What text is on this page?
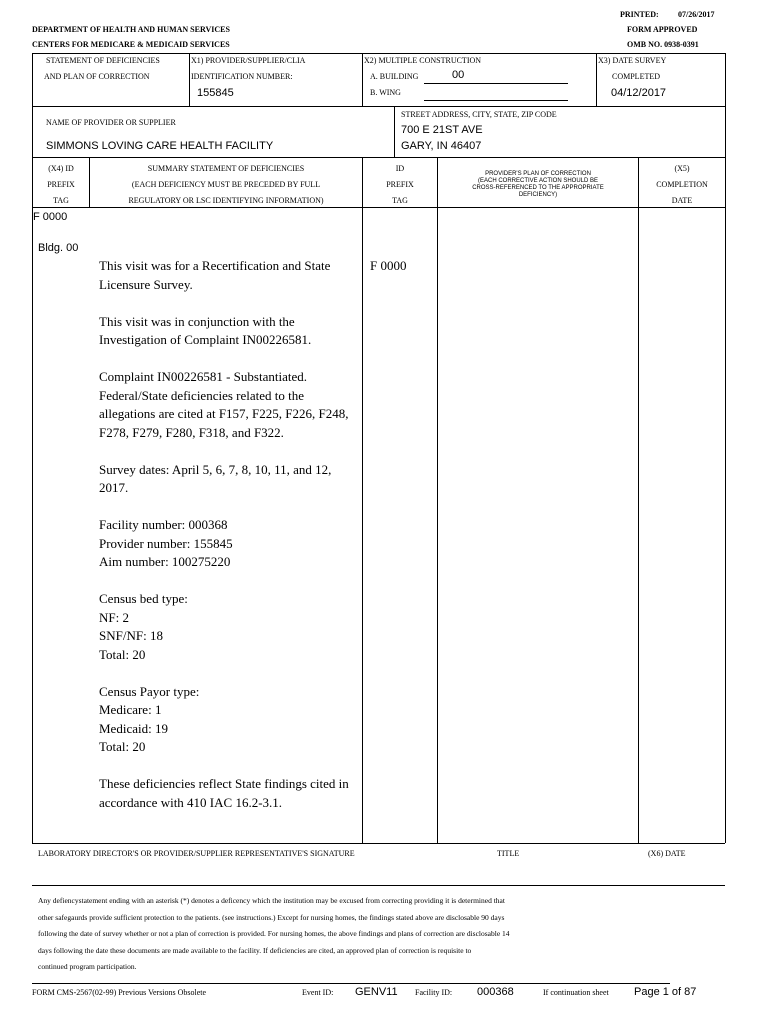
PRINTED: 07/26/2017
FORM APPROVED
OMB NO. 0938-0391
DEPARTMENT OF HEALTH AND HUMAN SERVICES
CENTERS FOR MEDICARE & MEDICAID SERVICES
STATEMENT OF DEFICIENCIES
AND PLAN OF CORRECTION
X1) PROVIDER/SUPPLIER/CLIA
IDENTIFICATION NUMBER:
155845
X2) MULTIPLE CONSTRUCTION
A. BUILDING	00
B. WING
X3) DATE SURVEY
COMPLETED
04/12/2017
NAME OF PROVIDER OR SUPPLIER
SIMMONS LOVING CARE HEALTH FACILITY
STREET ADDRESS, CITY, STATE, ZIP CODE
700 E 21ST AVE
GARY, IN 46407
(X4) ID
PREFIX
TAG
SUMMARY STATEMENT OF DEFICIENCIES
(EACH DEFICIENCY MUST BE PRECEDED BY FULL
REGULATORY OR LSC IDENTIFYING INFORMATION)
ID
PREFIX
TAG
PROVIDER'S PLAN OF CORRECTION
(EACH CORRECTIVE ACTION SHOULD BE
CROSS-REFERENCED TO THE APPROPRIATE
DEFICIENCY)
(X5)
COMPLETION
DATE
F 0000
Bldg. 00
F 0000
This visit was for a Recertification and State Licensure Survey.
This visit was in conjunction with the Investigation of Complaint IN00226581.
Complaint IN00226581 - Substantiated. Federal/State deficiencies related to the allegations are cited at F157, F225, F226, F248, F278, F279, F280, F318, and F322.
Survey dates: April 5, 6, 7, 8, 10, 11, and 12, 2017.
Facility number: 000368
Provider number: 155845
Aim number: 100275220
Census bed type:
NF: 2
SNF/NF: 18
Total: 20
Census Payor type:
Medicare: 1
Medicaid: 19
Total: 20
These deficiencies reflect State findings cited in accordance with 410 IAC 16.2-3.1.
LABORATORY DIRECTOR'S OR PROVIDER/SUPPLIER REPRESENTATIVE'S SIGNATURE	TITLE	(X6) DATE
Any defiencystatement ending with an asterisk (*) denotes a deficency which the institution may be excused from correcting providing it is determined that
other safegaurds provide sufficient protection to the patients. (see instructions.) Except for nursing homes, the findings stated above are disclosable 90 days
following the date of survey whether or not a plan of correction is provided. For nursing homes, the above findings and plans of correction are disclosable 14
days following the date these documents are made available to the facility. If deficiencies are cited, an approved plan of correction is requisite to
continued program participation.
FORM CMS-2567(02-99) Previous Versions Obsolete	Event ID: GENV11 Facility ID: 000368	If continuation sheet Page 1 of 87
